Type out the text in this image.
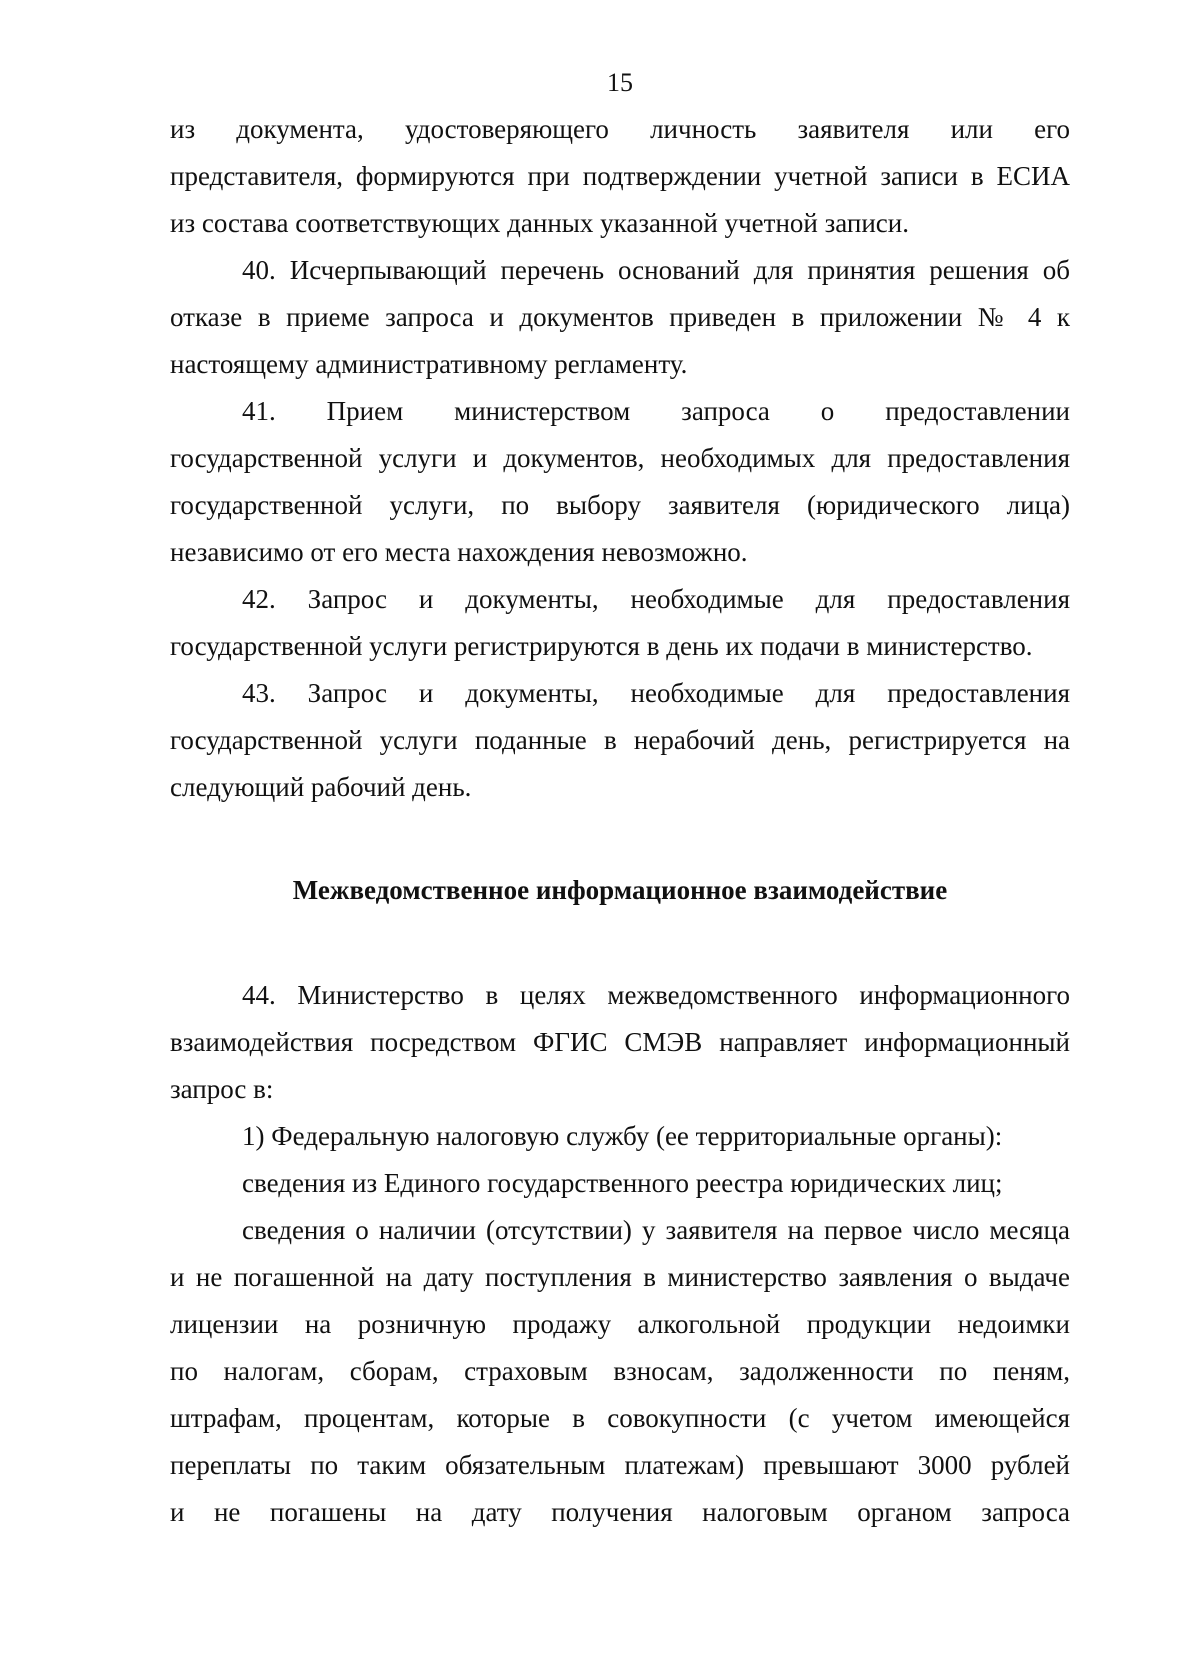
15

из документа, удостоверяющего личность заявителя или его
представителя, формируются при подтверждении учетной записи в ЕСИА
из состава соответствующих данных указанной учетной записи.

40. Исчерпывающий перечень оснований для принятия решения об
отказе в приеме запроса и документов приведен в приложении № 4 к
настоящему административному регламенту.

41. Прием министерством запроса о предоставлении
государственной услуги и документов, необходимых для предоставления
государственной услуги, по выбору заявителя (юридического лица)
независимо от его места нахождения невозможно.

42. Запрос и документы, необходимые для предоставления
государственной услуги регистрируются в день их подачи в министерство.

43. Запрос и документы, необходимые для предоставления
государственной услуги поданные в нерабочий день, регистрируется на
следующий рабочий день.

Межведомственное информационное взаимодействие

44. Министерство в целях межведомственного информационного
взаимодействия посредством ФГИС СМЭВ направляет информационный
запрос в:

1) Федеральную налоговую службу (ее территориальные органы):

сведения из Единого государственного реестра юридических лиц;

сведения о наличии (отсутствии) у заявителя на первое число месяца
и не погашенной на дату поступления в министерство заявления о выдаче
лицензии на розничную продажу алкогольной продукции недоимки
по налогам, сборам, страховым взносам, задолженности по пеням,
штрафам, процентам, которые в совокупности (с учетом имеющейся
переплаты по таким обязательным платежам) превышают 3000 рублей
и не погашены на дату получения налоговым органом запроса
